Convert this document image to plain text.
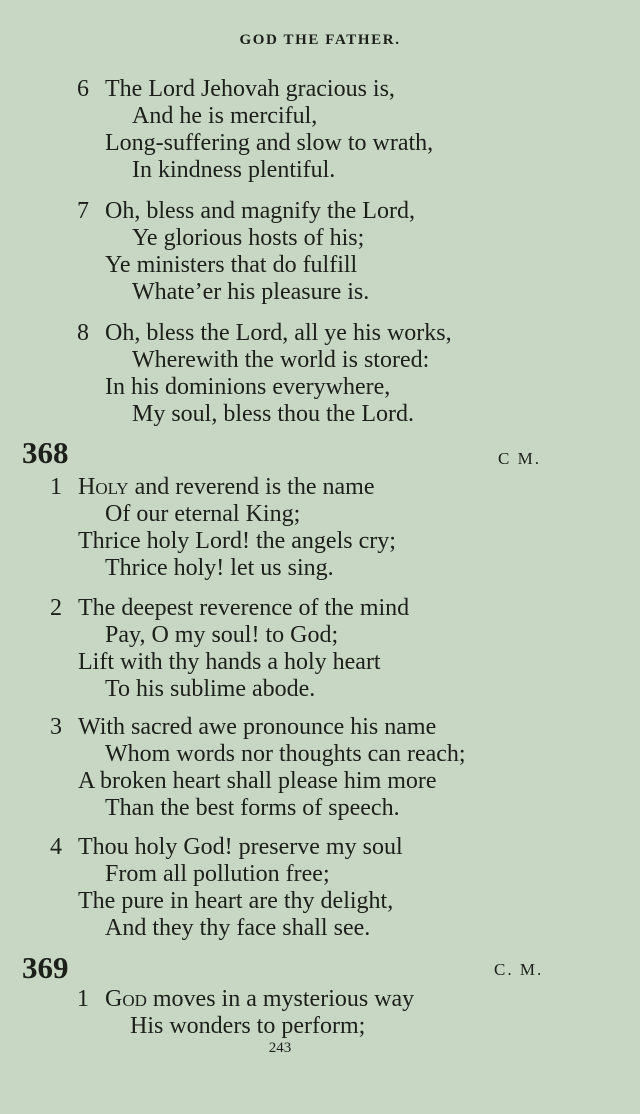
GOD THE FATHER.
6 The Lord Jehovah gracious is,
And he is merciful,
Long-suffering and slow to wrath,
In kindness plentiful.
7 Oh, bless and magnify the Lord,
Ye glorious hosts of his;
Ye ministers that do fulfill
Whate’er his pleasure is.
8 Oh, bless the Lord, all ye his works,
Wherewith the world is stored:
In his dominions everywhere,
My soul, bless thou the Lord.
368	C M.
1 Holy and reverend is the name
Of our eternal King;
Thrice holy Lord! the angels cry;
Thrice holy! let us sing.
2 The deepest reverence of the mind
Pay, O my soul! to God;
Lift with thy hands a holy heart
To his sublime abode.
3 With sacred awe pronounce his name
Whom words nor thoughts can reach;
A broken heart shall please him more
Than the best forms of speech.
4 Thou holy God! preserve my soul
From all pollution free;
The pure in heart are thy delight,
And they thy face shall see.
369	C. M.
1 God moves in a mysterious way
His wonders to perform;
243
